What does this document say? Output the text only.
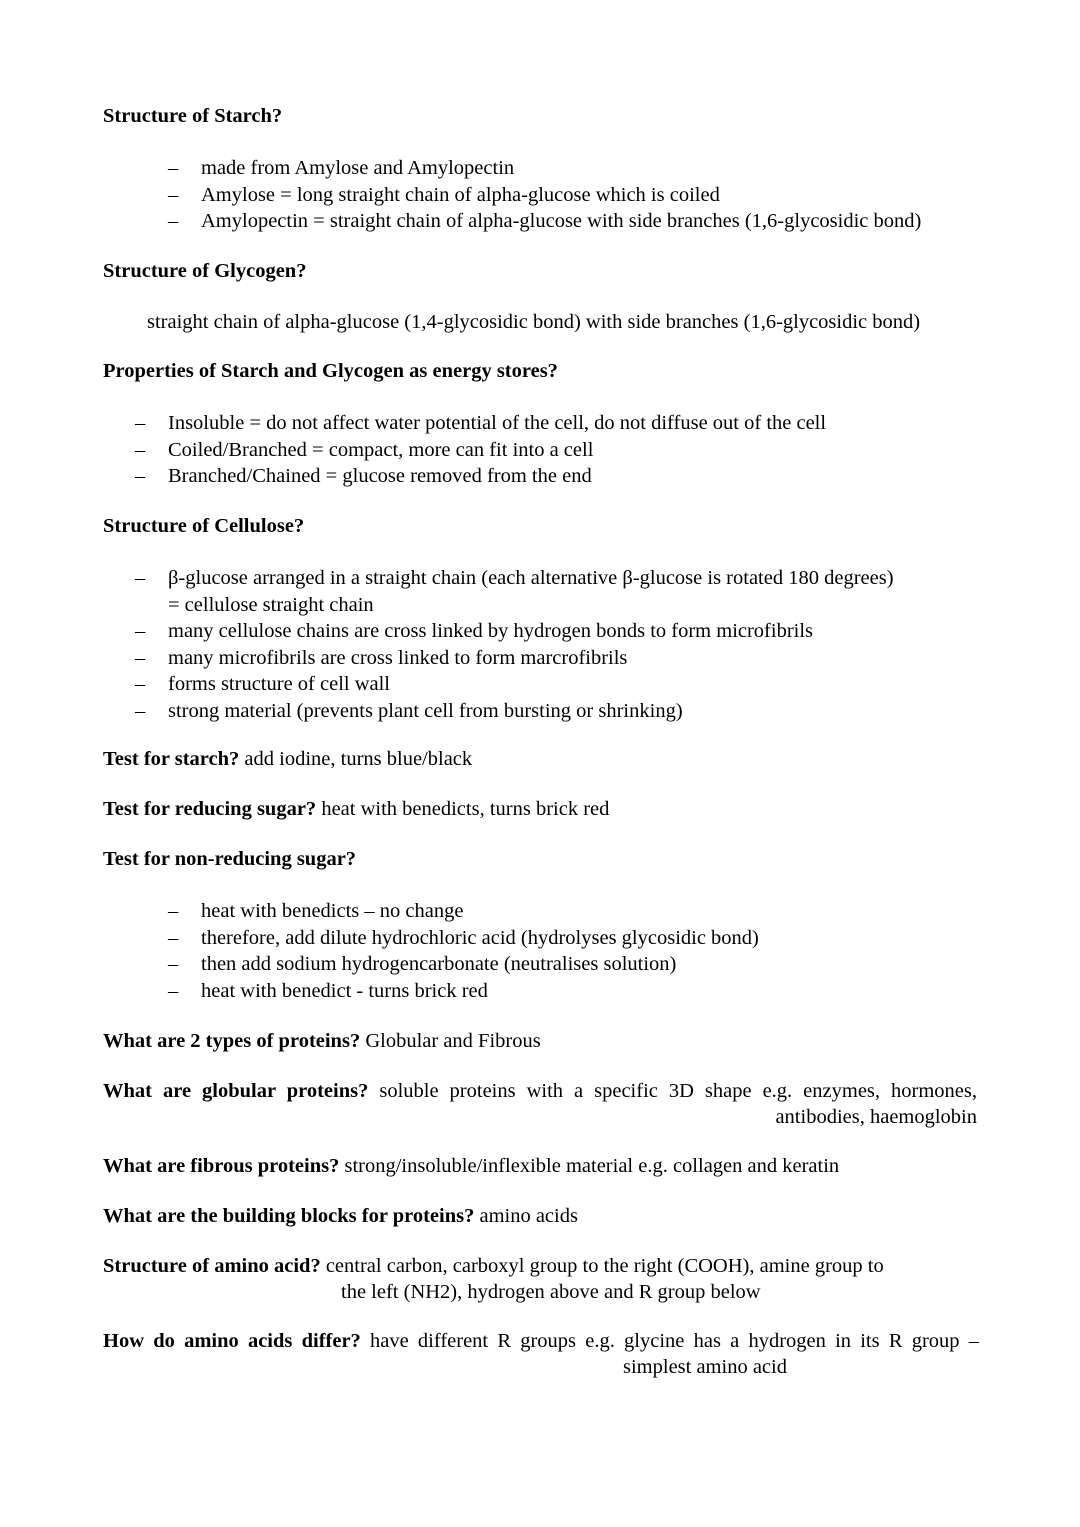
Structure of Starch?
– made from Amylose and Amylopectin
– Amylose = long straight chain of alpha-glucose which is coiled
– Amylopectin = straight chain of alpha-glucose with side branches (1,6-glycosidic bond)
Structure of Glycogen?
straight chain of alpha-glucose (1,4-glycosidic bond) with side branches (1,6-glycosidic bond)
Properties of Starch and Glycogen as energy stores?
– Insoluble = do not affect water potential of the cell, do not diffuse out of the cell
– Coiled/Branched = compact, more can fit into a cell
– Branched/Chained = glucose removed from the end
Structure of Cellulose?
– β-glucose arranged in a straight chain (each alternative β-glucose is rotated 180 degrees)
= cellulose straight chain
– many cellulose chains are cross linked by hydrogen bonds to form microfibrils
– many microfibrils are cross linked to form marcrofibrils
– forms structure of cell wall
– strong material (prevents plant cell from bursting or shrinking)
Test for starch? add iodine, turns blue/black
Test for reducing sugar? heat with benedicts, turns brick red
Test for non-reducing sugar?
– heat with benedicts – no change
– therefore, add dilute hydrochloric acid (hydrolyses glycosidic bond)
– then add sodium hydrogencarbonate (neutralises solution)
– heat with benedict - turns brick red
What are 2 types of proteins? Globular and Fibrous
What are globular proteins? soluble proteins with a specific 3D shape e.g. enzymes, hormones,
antibodies, haemoglobin
What are fibrous proteins? strong/insoluble/inflexible material e.g. collagen and keratin
What are the building blocks for proteins? amino acids
Structure of amino acid? central carbon, carboxyl group to the right (COOH), amine group to
the left (NH2), hydrogen above and R group below
How do amino acids differ? have different R groups e.g. glycine has a hydrogen in its R group –
simplest amino acid
